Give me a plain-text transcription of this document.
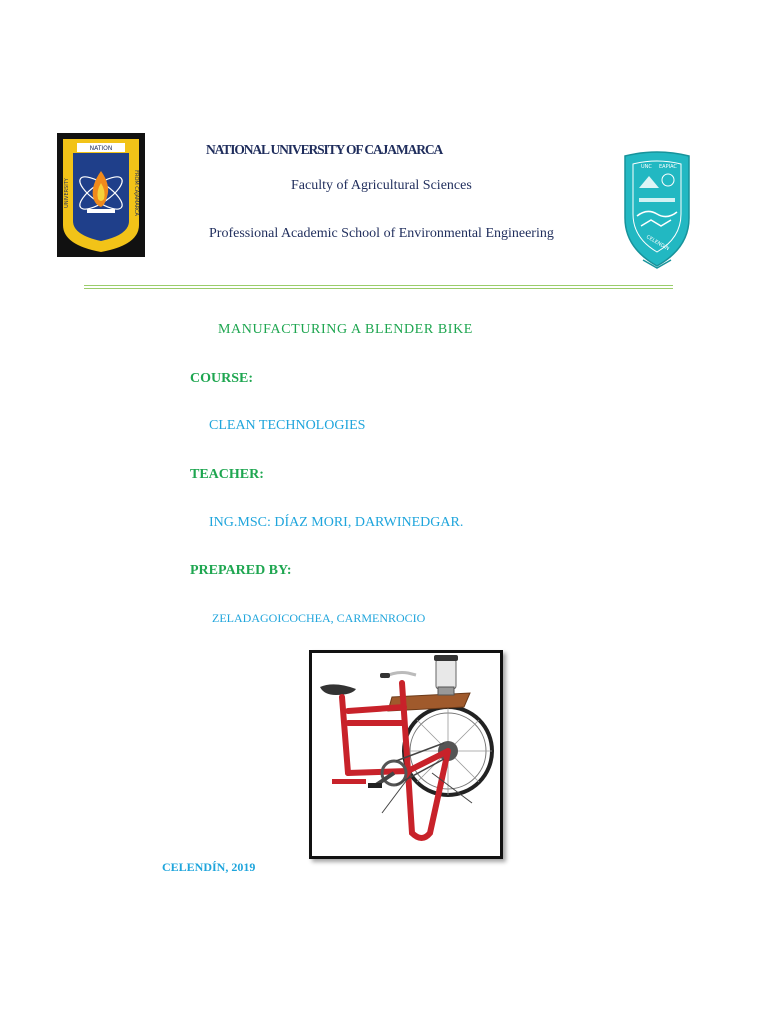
NATION
UNIVERSITY	FROM CAJAMARCA
NATIONAL UNIVERSITY OF CAJAMARCA
Faculty of Agricultural Sciences
Professional Academic School of Environmental Engineering
UNC EAPIAC
CELENDÍN
MANUFACTURING A BLENDER BIKE
COURSE:
CLEAN TECHNOLOGIES
TEACHER:
ING.MSC: DÍAZ MORI, DARWINEDGAR.
PREPARED BY:
ZELADAGOICOCHEA, CARMENROCIO
CELENDÍN, 2019
